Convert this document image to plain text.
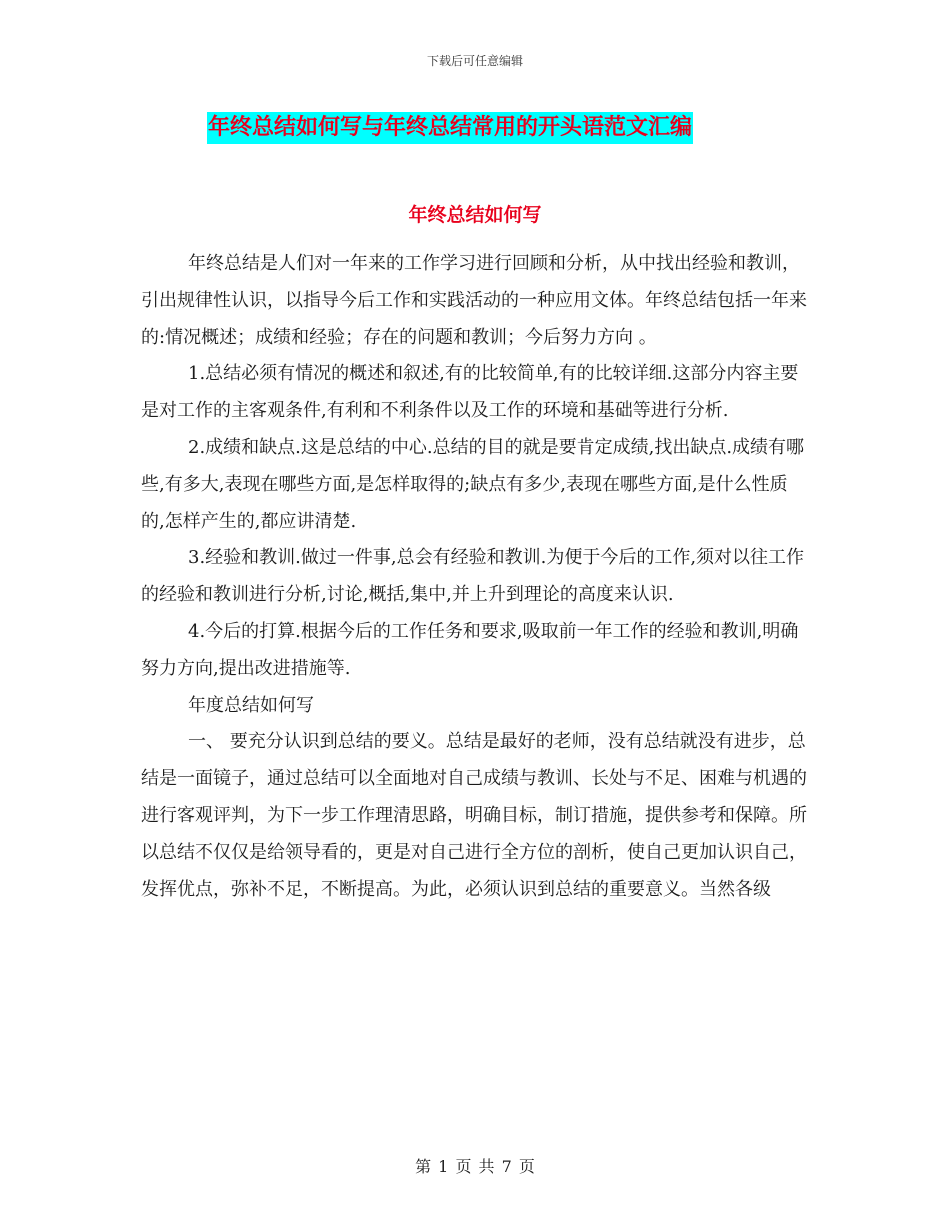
下载后可任意编辑
年终总结如何写与年终总结常用的开头语范文汇编
年终总结如何写

年终总结是人们对一年来的工作学习进行回顾和分析，从中找出经验和教训，引出规律性认识，以指导今后工作和实践活动的一种应用文体。年终总结包括一年来的:情况概述；成绩和经验；存在的问题和教训；今后努力方向 。

1.总结必须有情况的概述和叙述,有的比较简单,有的比较详细.这部分内容主要是对工作的主客观条件,有利和不利条件以及工作的环境和基础等进行分析.

2.成绩和缺点.这是总结的中心.总结的目的就是要肯定成绩,找出缺点.成绩有哪些,有多大,表现在哪些方面,是怎样取得的;缺点有多少,表现在哪些方面,是什么性质的,怎样产生的,都应讲清楚.

3.经验和教训.做过一件事,总会有经验和教训.为便于今后的工作,须对以往工作的经验和教训进行分析,讨论,概括,集中,并上升到理论的高度来认识.

4.今后的打算.根据今后的工作任务和要求,吸取前一年工作的经验和教训,明确努力方向,提出改进措施等.

年度总结如何写

一、 要充分认识到总结的要义。总结是最好的老师，没有总结就没有进步，总结是一面镜子，通过总结可以全面地对自己成绩与教训、长处与不足、困难与机遇的进行客观评判，为下一步工作理清思路，明确目标，制订措施，提供参考和保障。所以总结不仅仅是给领导看的，更是对自己进行全方位的剖析，使自己更加认识自己，发挥优点，弥补不足，不断提高。为此，必须认识到总结的重要意义。当然各级

第 1 页 共 7 页
